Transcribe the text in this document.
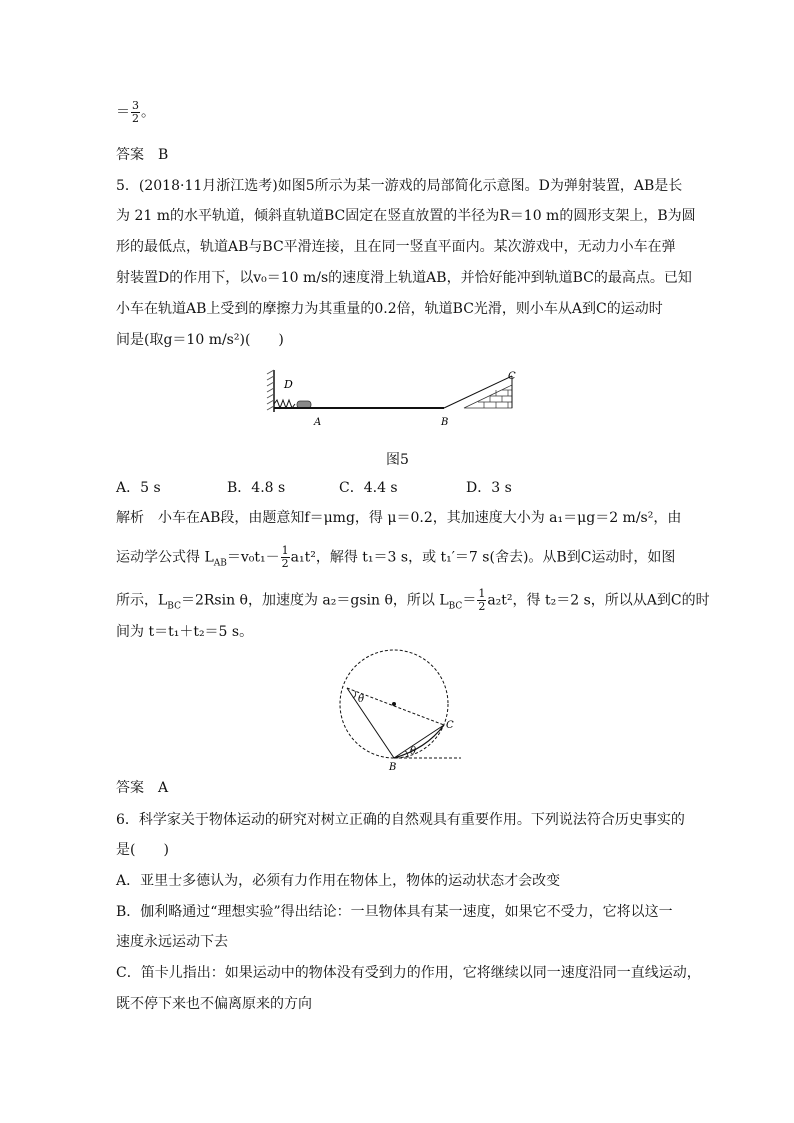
＝ $\frac{3}{2}$ 。
答案　B
5．(2018·11月浙江选考)如图5所示为某一游戏的局部简化示意图。D为弹射装置，AB是长
为 21 m的水平轨道，倾斜直轨道BC固定在竖直放置的半径为R＝10 m的圆形支架上，B为圆
形的最低点，轨道AB与BC平滑连接，且在同一竖直平面内。某次游戏中，无动力小车在弹
射装置D的作用下，以v₀＝10 m/s的速度滑上轨道AB，并恰好能冲到轨道BC的最高点。已知
小车在轨道AB上受到的摩擦力为其重量的0.2倍，轨道BC光滑，则小车从A到C的运动时
间是(取g＝10 m/s²)(　　)
D
A	B
C
图5
A．5 s	B．4.8 s	C．4.4 s	D．3 s
解析　小车在AB段，由题意知f＝μmg，得 μ＝0.2，其加速度大小为 a₁＝μg＝2 m/s²，由
运动学公式得 $L_{AB}=v_0t_1- \frac{1}{2} a_1t^2$，解得 t₁＝3 s，或 t₁′＝7 s(舍去)。从B到C运动时，如图
所示，$L_{BC}=2Rsin$ θ，加速度为 a₂＝gsin θ，所以 $L_{BC}= \frac{1}{2} a_2t^2$，得 t₂＝2 s，所以从A到C的时
间为 t＝t₁＋t₂＝5 s。
θ
θ
C
B
答案　A
6．科学家关于物体运动的研究对树立正确的自然观具有重要作用。下列说法符合历史事实的
是(　　)
A．亚里士多德认为，必须有力作用在物体上，物体的运动状态才会改变
B．伽利略通过“理想实验”得出结论：一旦物体具有某一速度，如果它不受力，它将以这一
速度永远运动下去
C．笛卡儿指出：如果运动中的物体没有受到力的作用，它将继续以同一速度沿同一直线运动，
既不停下来也不偏离原来的方向
